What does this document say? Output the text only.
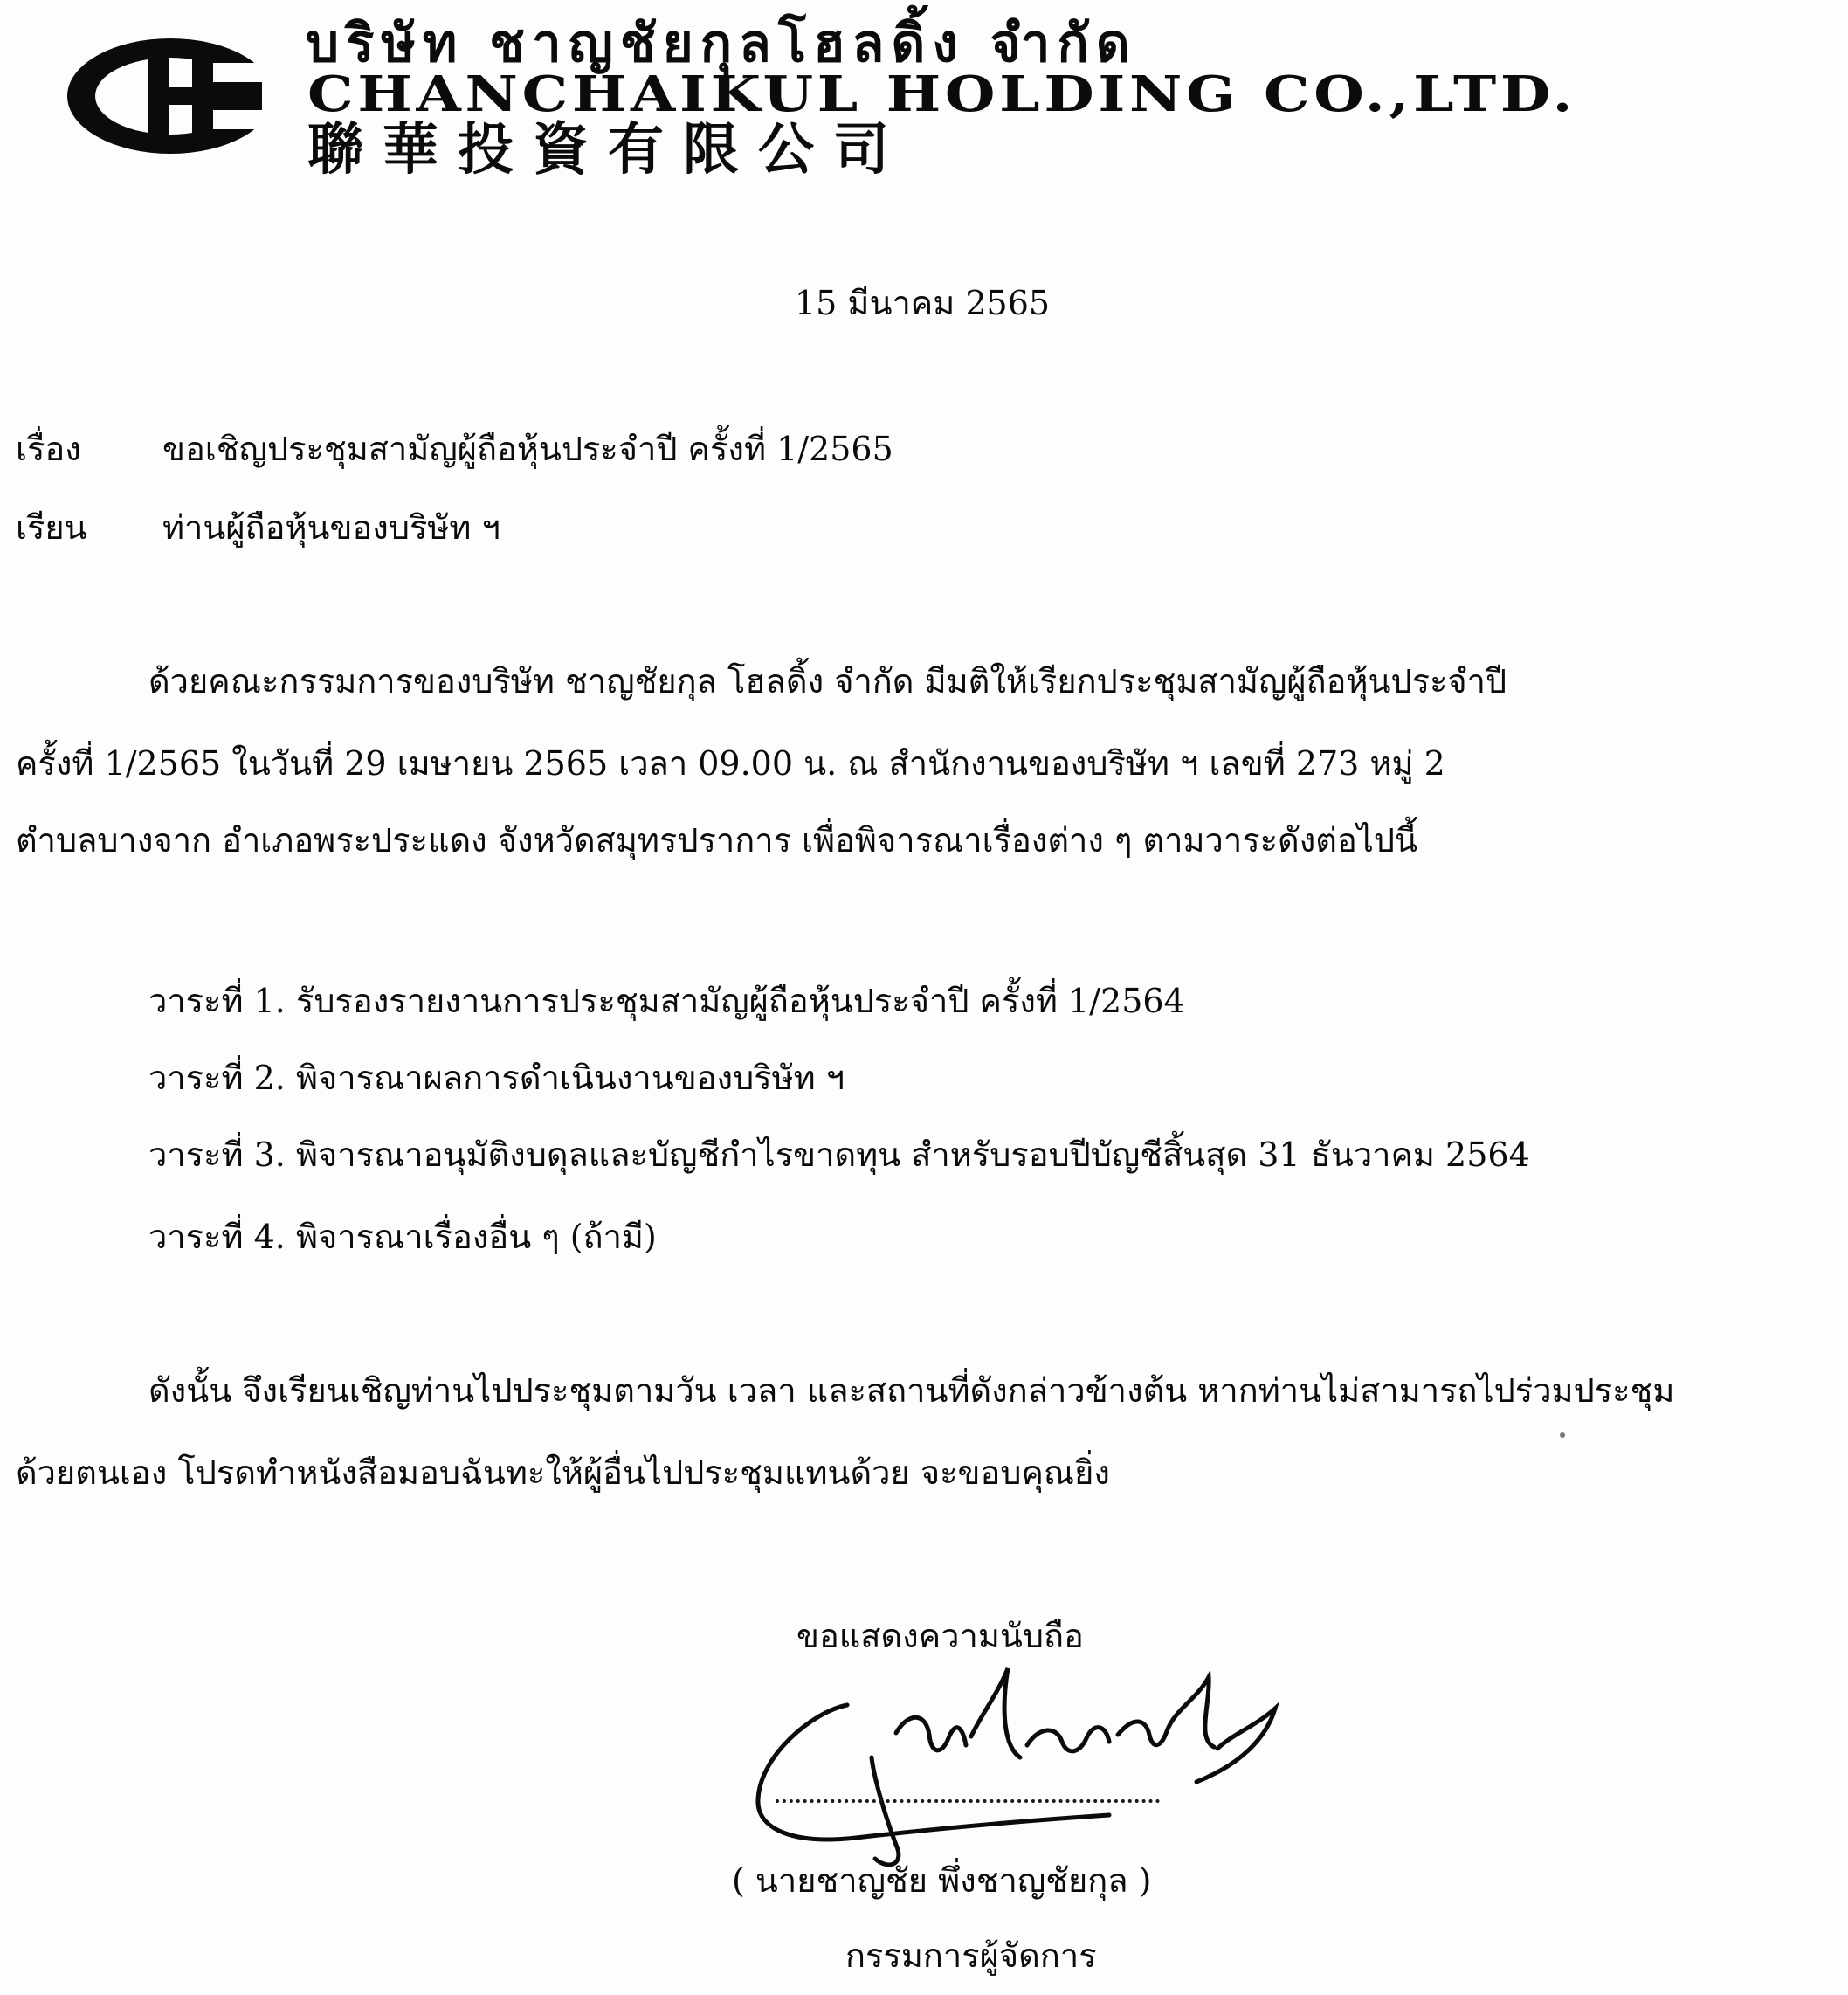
บริษัท ชาญชัยกุลโฮลดิ้ง จำกัด
CHANCHAIKUL HOLDING CO.,LTD.
聯華投資有限公司
15 มีนาคม 2565
เรื่อง ขอเชิญประชุมสามัญผู้ถือหุ้นประจำปี ครั้งที่ 1/2565
เรียน ท่านผู้ถือหุ้นของบริษัท ฯ
ด้วยคณะกรรมการของบริษัท ชาญชัยกุล โฮลดิ้ง จำกัด มีมติให้เรียกประชุมสามัญผู้ถือหุ้นประจำปี
ครั้งที่ 1/2565 ในวันที่ 29 เมษายน 2565 เวลา 09.00 น. ณ สำนักงานของบริษัท ฯ เลขที่ 273 หมู่ 2
ตำบลบางจาก อำเภอพระประแดง จังหวัดสมุทรปราการ เพื่อพิจารณาเรื่องต่าง ๆ ตามวาระดังต่อไปนี้
วาระที่ 1. รับรองรายงานการประชุมสามัญผู้ถือหุ้นประจำปี ครั้งที่ 1/2564
วาระที่ 2. พิจารณาผลการดำเนินงานของบริษัท ฯ
วาระที่ 3. พิจารณาอนุมัติงบดุลและบัญชีกำไรขาดทุน สำหรับรอบปีบัญชีสิ้นสุด 31 ธันวาคม 2564
วาระที่ 4. พิจารณาเรื่องอื่น ๆ (ถ้ามี)
ดังนั้น จึงเรียนเชิญท่านไปประชุมตามวัน เวลา และสถานที่ดังกล่าวข้างต้น หากท่านไม่สามารถไปร่วมประชุม
ด้วยตนเอง โปรดทำหนังสือมอบฉันทะให้ผู้อื่นไปประชุมแทนด้วย จะขอบคุณยิ่ง
ขอแสดงความนับถือ
( นายชาญชัย พึ่งชาญชัยกุล )
กรรมการผู้จัดการ
